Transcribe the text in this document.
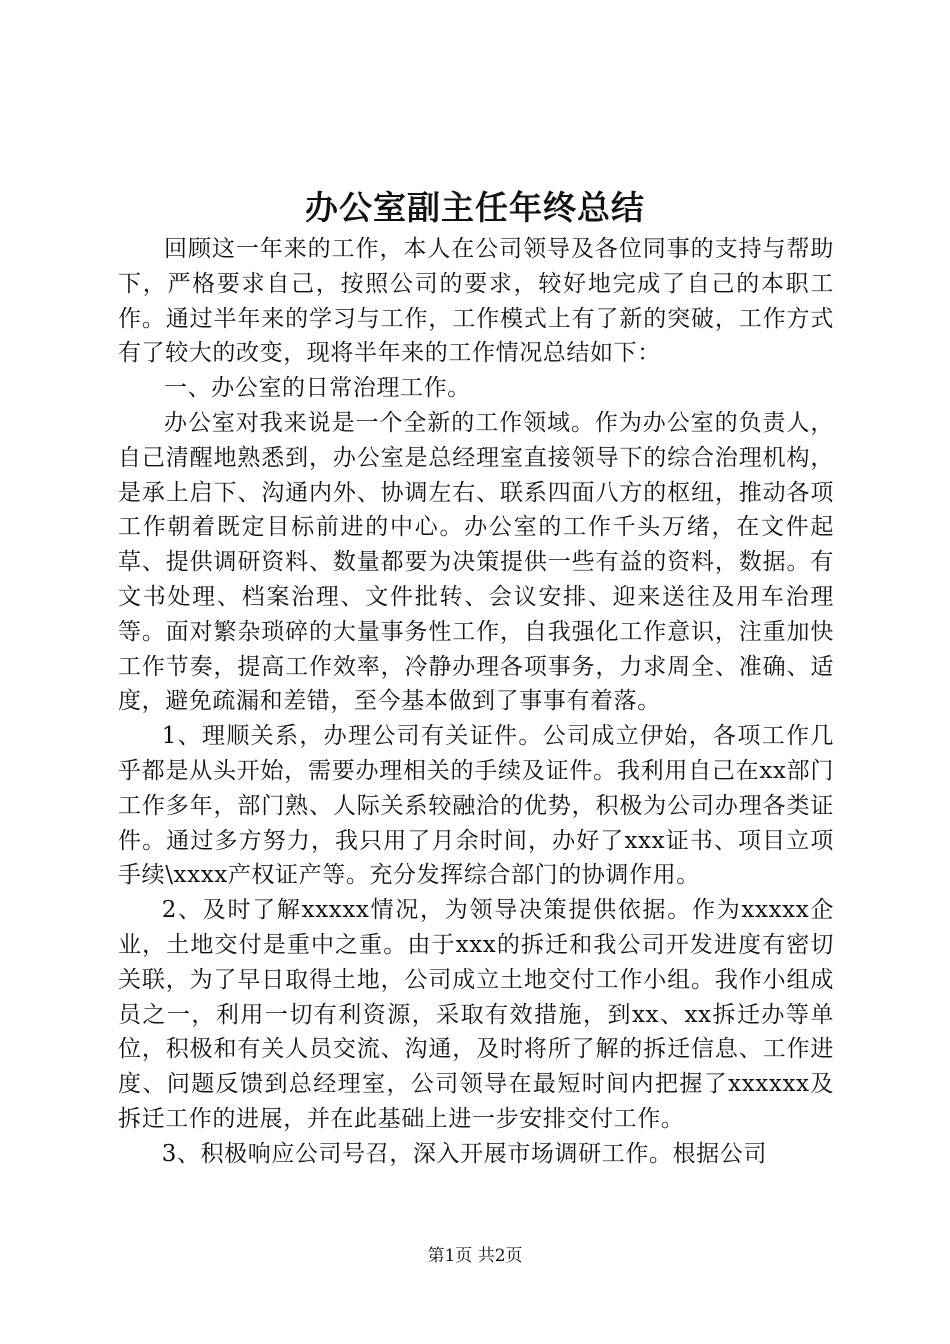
办公室副主任年终总结

回顾这一年来的工作，本人在公司领导及各位同事的支持与帮助下，严格要求自己，按照公司的要求，较好地完成了自己的本职工作。通过半年来的学习与工作，工作模式上有了新的突破，工作方式有了较大的改变，现将半年来的工作情况总结如下：

一、办公室的日常治理工作。

办公室对我来说是一个全新的工作领域。作为办公室的负责人，自己清醒地熟悉到，办公室是总经理室直接领导下的综合治理机构，是承上启下、沟通内外、协调左右、联系四面八方的枢纽，推动各项工作朝着既定目标前进的中心。办公室的工作千头万绪，在文件起草、提供调研资料、数量都要为决策提供一些有益的资料，数据。有文书处理、档案治理、文件批转、会议安排、迎来送往及用车治理等。面对繁杂琐碎的大量事务性工作，自我强化工作意识，注重加快工作节奏，提高工作效率，冷静办理各项事务，力求周全、准确、适度，避免疏漏和差错，至今基本做到了事事有着落。

1、理顺关系，办理公司有关证件。公司成立伊始，各项工作几乎都是从头开始，需要办理相关的手续及证件。我利用自己在xx部门工作多年，部门熟、人际关系较融洽的优势，积极为公司办理各类证件。通过多方努力，我只用了月余时间，办好了xxx证书、项目立项手续\xxxx产权证产等。充分发挥综合部门的协调作用。

2、及时了解xxxxx情况，为领导决策提供依据。作为xxxxx企业，土地交付是重中之重。由于xxx的拆迁和我公司开发进度有密切关联，为了早日取得土地，公司成立土地交付工作小组。我作小组成员之一，利用一切有利资源，采取有效措施，到xx、xx拆迁办等单位，积极和有关人员交流、沟通，及时将所了解的拆迁信息、工作进度、问题反馈到总经理室，公司领导在最短时间内把握了xxxxxx及拆迁工作的进展，并在此基础上进一步安排交付工作。

3、积极响应公司号召，深入开展市场调研工作。根据公司

第1页 共2页
